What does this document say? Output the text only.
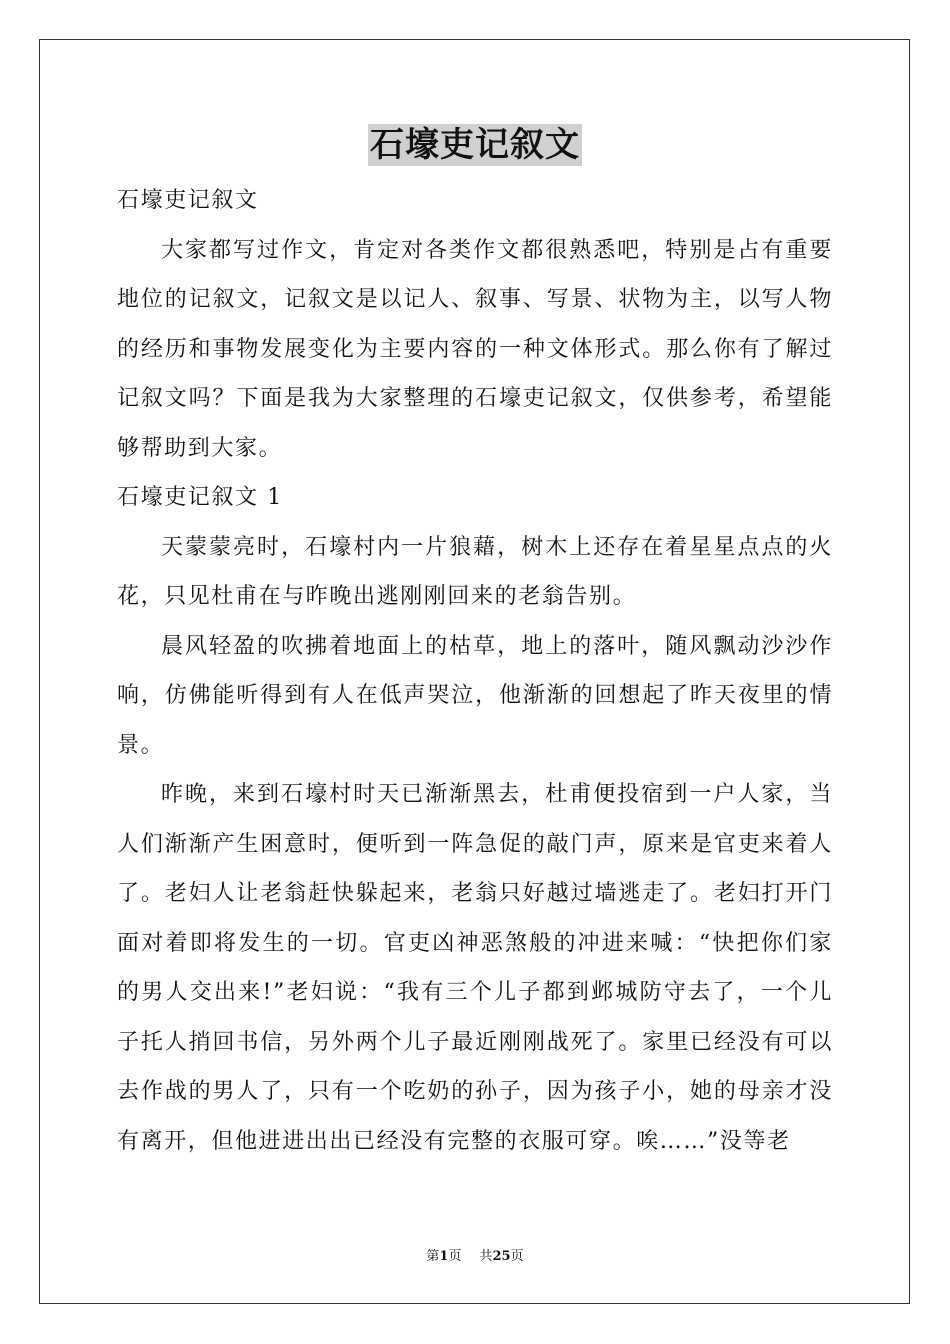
石壕吏记叙文

石壕吏记叙文

大家都写过作文，肯定对各类作文都很熟悉吧，特别是占有重要地位的记叙文，记叙文是以记人、叙事、写景、状物为主，以写人物的经历和事物发展变化为主要内容的一种文体形式。那么你有了解过记叙文吗？下面是我为大家整理的石壕吏记叙文，仅供参考，希望能够帮助到大家。

石壕吏记叙文 1

天蒙蒙亮时，石壕村内一片狼藉，树木上还存在着星星点点的火花，只见杜甫在与昨晚出逃刚刚回来的老翁告别。

晨风轻盈的吹拂着地面上的枯草，地上的落叶，随风飘动沙沙作响，仿佛能听得到有人在低声哭泣，他渐渐的回想起了昨天夜里的情景。

昨晚，来到石壕村时天已渐渐黑去，杜甫便投宿到一户人家，当人们渐渐产生困意时，便听到一阵急促的敲门声，原来是官吏来着人了。老妇人让老翁赶快躲起来，老翁只好越过墙逃走了。老妇打开门面对着即将发生的一切。官吏凶神恶煞般的冲进来喊：“快把你们家的男人交出来!”老妇说：“我有三个儿子都到邺城防守去了，一个儿子托人捎回书信，另外两个儿子最近刚刚战死了。家里已经没有可以去作战的男人了，只有一个吃奶的孙子，因为孩子小，她的母亲才没有离开，但他进进出出已经没有完整的衣服可穿。唉……”没等老

第1页 共25页
